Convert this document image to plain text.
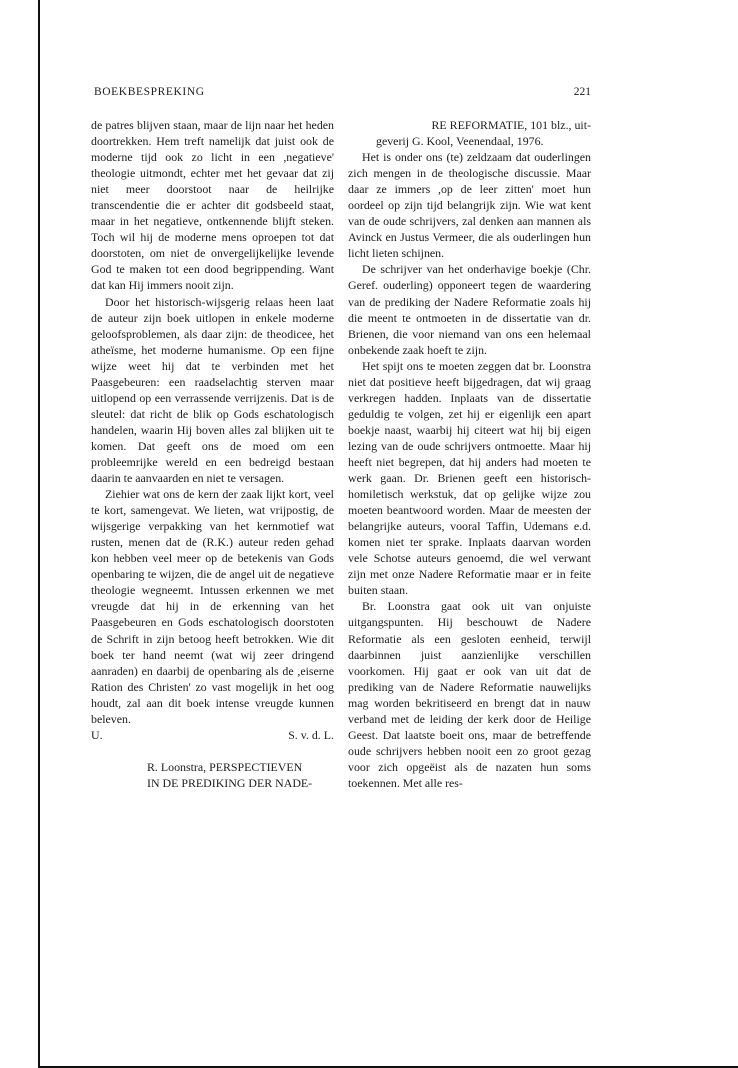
BOEKBESPREKING	221

de patres blijven staan, maar de lijn naar het heden doortrekken. Hem treft namelijk dat juist ook de moderne tijd ook zo licht in een ,negatieve' theologie uitmondt, echter met het gevaar dat zij niet meer doorstoot naar de heilrijke transcendentie die er achter dit godsbeeld staat, maar in het negatieve, ontkennende blijft steken. Toch wil hij de moderne mens oproepen tot dat doorstoten, om niet de onvergelijkelijke levende God te maken tot een dood begrippending. Want dat kan Hij immers nooit zijn.

Door het historisch-wijsgerig relaas heen laat de auteur zijn boek uitlopen in enkele moderne geloofsproblemen, als daar zijn: de theodicee, het atheïsme, het moderne humanisme. Op een fijne wijze weet hij dat te verbinden met het Paasgebeuren: een raadselachtig sterven maar uitlopend op een verrassende verrijzenis. Dat is de sleutel: dat richt de blik op Gods eschatologisch handelen, waarin Hij boven alles zal blijken uit te komen. Dat geeft ons de moed om een probleemrijke wereld en een bedreigd bestaan daarin te aanvaarden en niet te versagen.

Ziehier wat ons de kern der zaak lijkt kort, veel te kort, samengevat. We lieten, wat vrijpostig, de wijsgerige verpakking van het kernmotief wat rusten, menen dat de (R.K.) auteur reden gehad kon hebben veel meer op de betekenis van Gods openbaring te wijzen, die de angel uit de negatieve theologie wegneemt. Intussen erkennen we met vreugde dat hij in de erkenning van het Paasgebeuren en Gods eschatologisch doorstoten de Schrift in zijn betoog heeft betrokken. Wie dit boek ter hand neemt (wat wij zeer dringend aanraden) en daarbij de openbaring als de ,eiserne Ration des Christen' zo vast mogelijk in het oog houdt, zal aan dit boek intense vreugde kunnen beleven.

U.	S. v. d. L.

R. Loonstra, PERSPECTIEVEN
IN DE PREDIKING DER NADE-

RE REFORMATIE, 101 blz., uit-
geverij G. Kool, Veenendaal, 1976.

Het is onder ons (te) zeldzaam dat ouderlingen zich mengen in de theologische discussie. Maar daar ze immers ,op de leer zitten' moet hun oordeel op zijn tijd belangrijk zijn. Wie wat kent van de oude schrijvers, zal denken aan mannen als Avinck en Justus Vermeer, die als ouderlingen hun licht lieten schijnen.

De schrijver van het onderhavige boekje (Chr. Geref. ouderling) opponeert tegen de waardering van de prediking der Nadere Reformatie zoals hij die meent te ontmoeten in de dissertatie van dr. Brienen, die voor niemand van ons een helemaal onbekende zaak hoeft te zijn.

Het spijt ons te moeten zeggen dat br. Loonstra niet dat positieve heeft bijgedragen, dat wij graag verkregen hadden. Inplaats van de dissertatie geduldig te volgen, zet hij er eigenlijk een apart boekje naast, waarbij hij citeert wat hij bij eigen lezing van de oude schrijvers ontmoette. Maar hij heeft niet begrepen, dat hij anders had moeten te werk gaan. Dr. Brienen geeft een historisch-homiletisch werkstuk, dat op gelijke wijze zou moeten beantwoord worden. Maar de meesten der belangrijke auteurs, vooral Taffin, Udemans e.d. komen niet ter sprake. Inplaats daarvan worden vele Schotse auteurs genoemd, die wel verwant zijn met onze Nadere Reformatie maar er in feite buiten staan.

Br. Loonstra gaat ook uit van onjuiste uitgangspunten. Hij beschouwt de Nadere Reformatie als een gesloten eenheid, terwijl daarbinnen juist aanzienlijke verschillen voorkomen. Hij gaat er ook van uit dat de prediking van de Nadere Reformatie nauwelijks mag worden bekritiseerd en brengt dat in nauw verband met de leiding der kerk door de Heilige Geest. Dat laatste boeit ons, maar de betreffende oude schrijvers hebben nooit een zo groot gezag voor zich opgeëist als de nazaten hun soms toekennen. Met alle res-
